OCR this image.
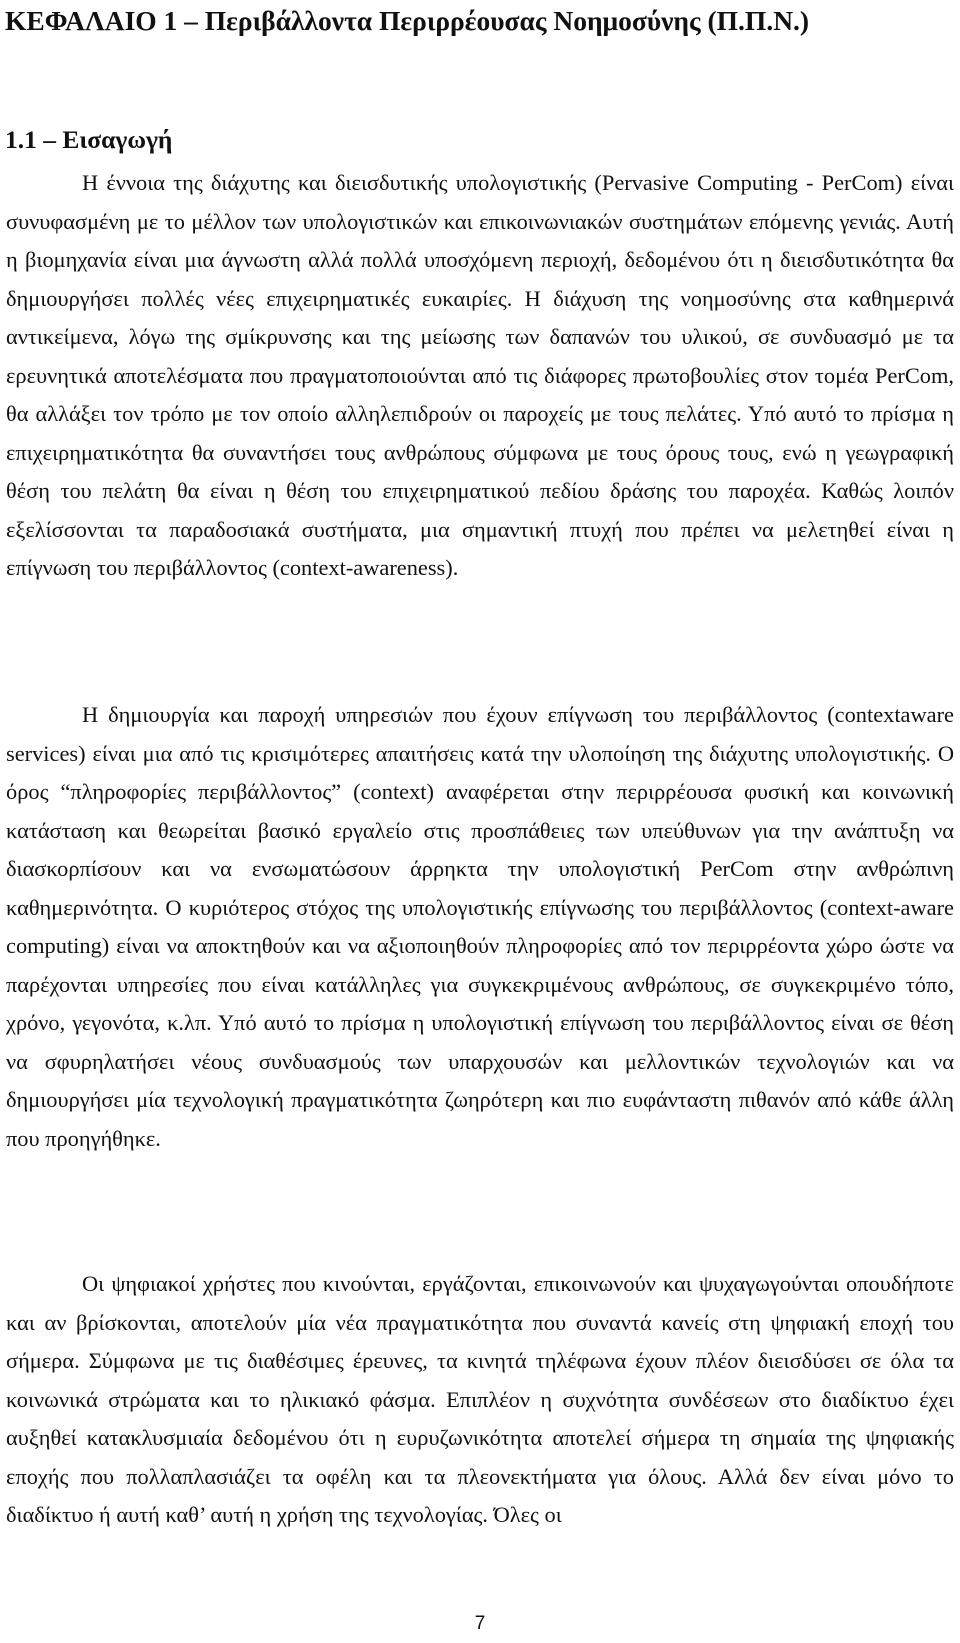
ΚΕΦΑΛΑΙΟ 1 – Περιβάλλοντα Περιρρέουσας Νοημοσύνης (Π.Π.Ν.)
1.1 – Εισαγωγή

Η έννοια της διάχυτης και διεισδυτικής υπολογιστικής (Pervasive Computing - PerCom) είναι συνυφασμένη με το μέλλον των υπολογιστικών και επικοινωνιακών συστημάτων επόμενης γενιάς. Αυτή η βιομηχανία είναι μια άγνωστη αλλά πολλά υποσχόμενη περιοχή, δεδομένου ότι η διεισδυτικότητα θα δημιουργήσει πολλές νέες επιχειρηματικές ευκαιρίες. Η διάχυση της νοημοσύνης στα καθημερινά αντικείμενα, λόγω της σμίκρυνσης και της μείωσης των δαπανών του υλικού, σε συνδυασμό με τα ερευνητικά αποτελέσματα που πραγματοποιούνται από τις διάφορες πρωτοβουλίες στον τομέα PerCom, θα αλλάξει τον τρόπο με τον οποίο αλληλεπιδρούν οι παροχείς με τους πελάτες. Υπό αυτό το πρίσμα η επιχειρηματικότητα θα συναντήσει τους ανθρώπους σύμφωνα με τους όρους τους, ενώ η γεωγραφική θέση του πελάτη θα είναι η θέση του επιχειρηματικού πεδίου δράσης του παροχέα. Καθώς λοιπόν εξελίσσονται τα παραδοσιακά συστήματα, μια σημαντική πτυχή που πρέπει να μελετηθεί είναι η επίγνωση του περιβάλλοντος (context-awareness).

Η δημιουργία και παροχή υπηρεσιών που έχουν επίγνωση του περιβάλλοντος (contextaware services) είναι μια από τις κρισιμότερες απαιτήσεις κατά την υλοποίηση της διάχυτης υπολογιστικής. Ο όρος “πληροφορίες περιβάλλοντος” (context) αναφέρεται στην περιρρέουσα φυσική και κοινωνική κατάσταση και θεωρείται βασικό εργαλείο στις προσπάθειες των υπεύθυνων για την ανάπτυξη να διασκορπίσουν και να ενσωματώσουν άρρηκτα την υπολογιστική PerCom στην ανθρώπινη καθημερινότητα. Ο κυριότερος στόχος της υπολογιστικής επίγνωσης του περιβάλλοντος (context-aware computing) είναι να αποκτηθούν και να αξιοποιηθούν πληροφορίες από τον περιρρέοντα χώρο ώστε να παρέχονται υπηρεσίες που είναι κατάλληλες για συγκεκριμένους ανθρώπους, σε συγκεκριμένο τόπο, χρόνο, γεγονότα, κ.λπ. Υπό αυτό το πρίσμα η υπολογιστική επίγνωση του περιβάλλοντος είναι σε θέση να σφυρηλατήσει νέους συνδυασμούς των υπαρχουσών και μελλοντικών τεχνολογιών και να δημιουργήσει μία τεχνολογική πραγματικότητα ζωηρότερη και πιο ευφάνταστη πιθανόν από κάθε άλλη που προηγήθηκε.

Οι ψηφιακοί χρήστες που κινούνται, εργάζονται, επικοινωνούν και ψυχαγωγούνται οπουδήποτε και αν βρίσκονται, αποτελούν μία νέα πραγματικότητα που συναντά κανείς στη ψηφιακή εποχή του σήμερα. Σύμφωνα με τις διαθέσιμες έρευνες, τα κινητά τηλέφωνα έχουν πλέον διεισδύσει σε όλα τα κοινωνικά στρώματα και το ηλικιακό φάσμα. Επιπλέον η συχνότητα συνδέσεων στο διαδίκτυο έχει αυξηθεί κατακλυσμιαία δεδομένου ότι η ευρυζωνικότητα αποτελεί σήμερα τη σημαία της ψηφιακής εποχής που πολλαπλασιάζει τα οφέλη και τα πλεονεκτήματα για όλους. Αλλά δεν είναι μόνο το διαδίκτυο ή αυτή καθ’ αυτή η χρήση της τεχνολογίας. Όλες οι

7
